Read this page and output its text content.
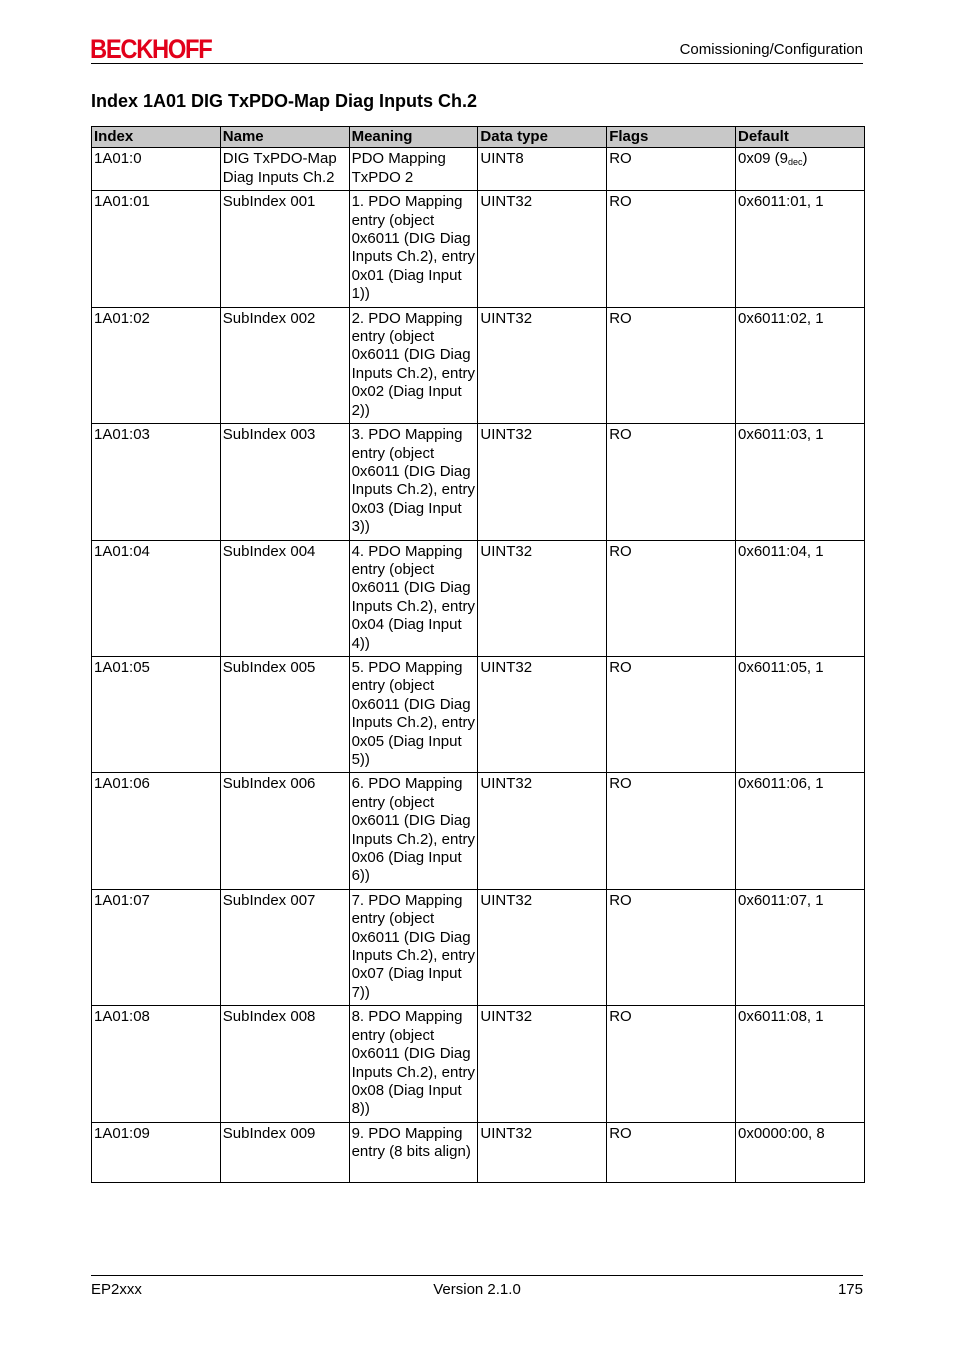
BECKHOFF	Comissioning/Configuration
Index 1A01 DIG TxPDO-Map Diag Inputs Ch.2
Index	Name	Meaning	Data type	Flags	Default
1A01:0	DIG TxPDO-Map Diag Inputs Ch.2	PDO Mapping TxPDO 2	UINT8	RO	0x09 $(9_{dec})$
1A01:01	SubIndex 001	1. PDO Mapping entry (object 0x6011 (DIG Diag Inputs Ch.2), entry 0x01 (Diag Input 1))	UINT32	RO	0x6011:01, 1
1A01:02	SubIndex 002	2. PDO Mapping entry (object 0x6011 (DIG Diag Inputs Ch.2), entry 0x02 (Diag Input 2))	UINT32	RO	0x6011:02, 1
1A01:03	SubIndex 003	3. PDO Mapping entry (object 0x6011 (DIG Diag Inputs Ch.2), entry 0x03 (Diag Input 3))	UINT32	RO	0x6011:03, 1
1A01:04	SubIndex 004	4. PDO Mapping entry (object 0x6011 (DIG Diag Inputs Ch.2), entry 0x04 (Diag Input 4))	UINT32	RO	0x6011:04, 1
1A01:05	SubIndex 005	5. PDO Mapping entry (object 0x6011 (DIG Diag Inputs Ch.2), entry 0x05 (Diag Input 5))	UINT32	RO	0x6011:05, 1
1A01:06	SubIndex 006	6. PDO Mapping entry (object 0x6011 (DIG Diag Inputs Ch.2), entry 0x06 (Diag Input 6))	UINT32	RO	0x6011:06, 1
1A01:07	SubIndex 007	7. PDO Mapping entry (object 0x6011 (DIG Diag Inputs Ch.2), entry 0x07 (Diag Input 7))	UINT32	RO	0x6011:07, 1
1A01:08	SubIndex 008	8. PDO Mapping entry (object 0x6011 (DIG Diag Inputs Ch.2), entry 0x08 (Diag Input 8))	UINT32	RO	0x6011:08, 1
1A01:09	SubIndex 009	9. PDO Mapping entry (8 bits align)	UINT32	RO	0x0000:00, 8
EP2xxx	Version 2.1.0	175
